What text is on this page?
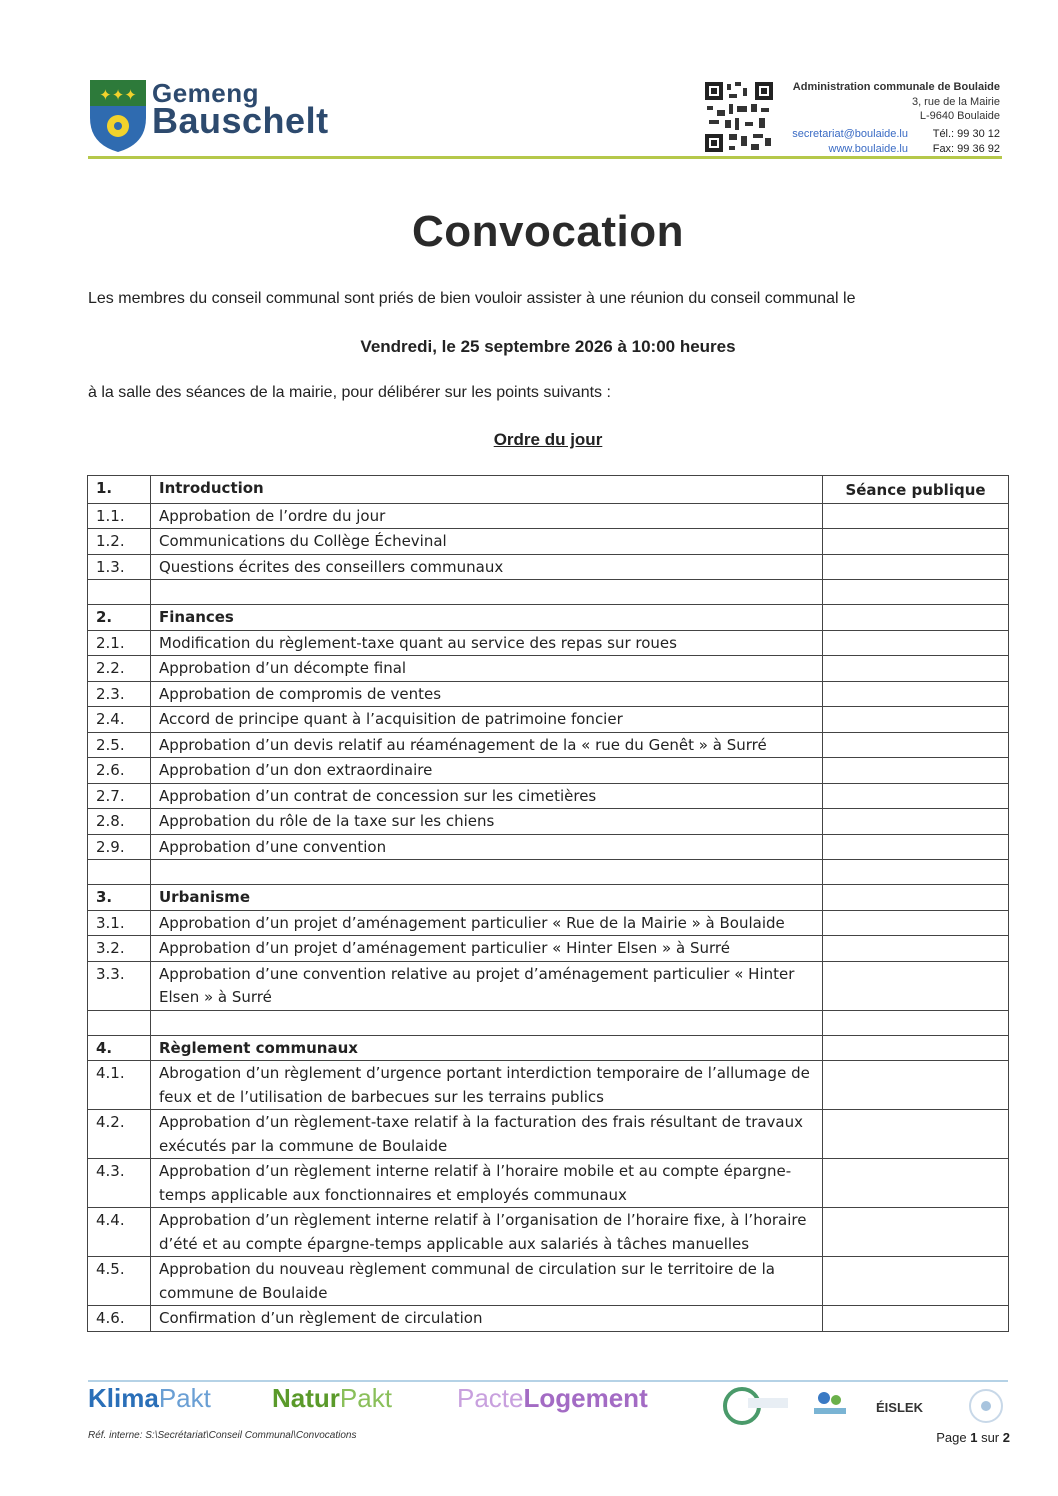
✦✦✦ Gemeng
Bauschelt
Administration communale de Boulaide
3, rue de la Mairie
L-9640 Boulaide
secretariat@boulaide.lu
www.boulaide.lu
Tél.: 99 30 12
Fax: 99 36 92
Convocation
Les membres du conseil communal sont priés de bien vouloir assister à une réunion du conseil communal le
Vendredi, le 25 septembre 2026 à 10:00 heures
à la salle des séances de la mairie, pour délibérer sur les points suivants :
Ordre du jour
1.	Introduction	Séance publique

1.1.	Approbation de l’ordre du jour	
1.2.	Communications du Collège Échevinal	
1.3.	Questions écrites des conseillers communaux	

2.	Finances	
2.1.	Modification du règlement-taxe quant au service des repas sur roues	
2.2.	Approbation d’un décompte final	
2.3.	Approbation de compromis de ventes	
2.4.	Accord de principe quant à l’acquisition de patrimoine foncier	
2.5.	Approbation d’un devis relatif au réaménagement de la « rue du Genêt » à Surré	
2.6.	Approbation d’un don extraordinaire	
2.7.	Approbation d’un contrat de concession sur les cimetières	
2.8.	Approbation du rôle de la taxe sur les chiens	
2.9.	Approbation d’une convention	

3.	Urbanisme	
3.1.	Approbation d’un projet d’aménagement particulier « Rue de la Mairie » à Boulaide	
3.2.	Approbation d’un projet d’aménagement particulier « Hinter Elsen » à Surré	
3.3.	Approbation d’une convention relative au projet d’aménagement particulier « Hinter Elsen » à Surré	

4.	Règlement communaux	
4.1.	Abrogation d’un règlement d’urgence portant interdiction temporaire de l’allumage de feux et de l’utilisation de barbecues sur les terrains publics	
4.2.	Approbation d’un règlement-taxe relatif à la facturation des frais résultant de travaux exécutés par la commune de Boulaide	
4.3.	Approbation d’un règlement interne relatif à l’horaire mobile et au compte épargne-temps applicable aux fonctionnaires et employés communaux	
4.4.	Approbation d’un règlement interne relatif à l’organisation de l’horaire fixe, à l’horaire d’été et au compte épargne-temps applicable aux salariés à tâches manuelles	
4.5.	Approbation du nouveau règlement communal de circulation sur le territoire de la commune de Boulaide	
4.6.	Confirmation d’un règlement de circulation	
KlimaPakt NaturPakt	PacteLogement	ÉISLEK
Réf. interne: S:\Secrétariat\Conseil Communal\Convocations	Page 1 sur 2
